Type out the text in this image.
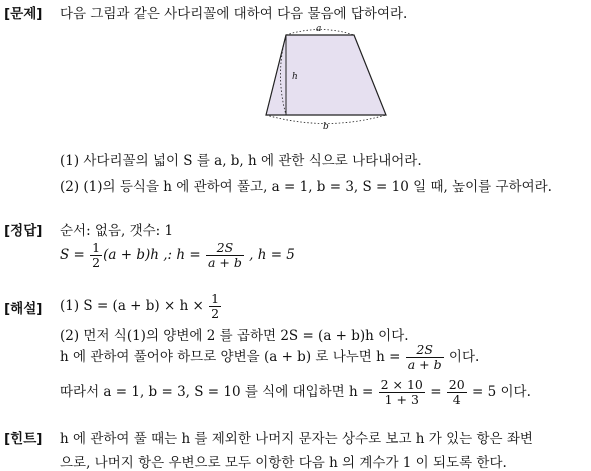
[문제] 다음 그림과 같은 사다리꼴에 대하여 다음 물음에 답하여라.
a
h
b
(1) 사다리꼴의 넓이 S 를 a, b, h 에 관한 식으로 나타내어라.
(2) (1)의 등식을 h 에 관하여 풀고, a = 1, b = 3, S = 10 일 때, 높이를 구하여라.
[정답] 순서: 없음, 갯수: 1
$S = \frac{1}{2} (a + b)h$ ,: $h = \frac{2S}{a + b}$ , h = 5
[해설] (1) $S = (a + b) \times h \times \frac{1}{2}$
(2) 먼저 식(1)의 양변에 2 를 곱하면 2S = (a + b)h 이다.
h 에 관하여 풀어야 하므로 양변을 (a + b) 로 나누면 $h = \frac{2S}{a + b}$ 이다.
따라서 a = 1, b = 3, S = 10 를 식에 대입하면 $h = \frac{2 \times 10}{1 + 3} = \frac{20}{4} = 5$ 이다.
[힌트] h 에 관하여 풀 때는 h 를 제외한 나머지 문자는 상수로 보고 h 가 있는 항은 좌변
으로, 나머지 항은 우변으로 모두 이항한 다음 h 의 계수가 1 이 되도록 한다.
